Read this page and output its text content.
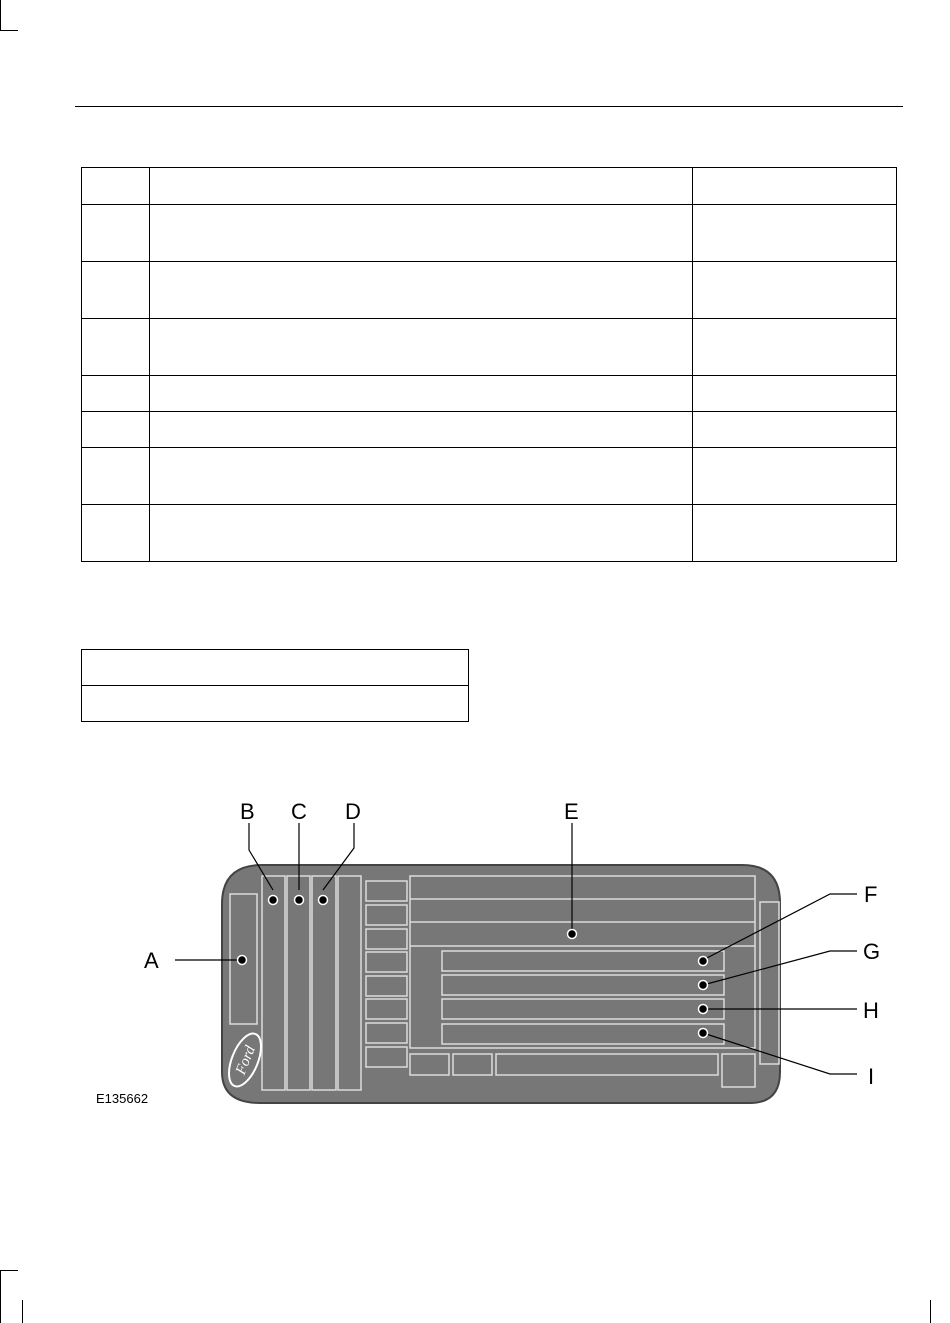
Ford
A
B C D	E
F
G
H
I
E135662
